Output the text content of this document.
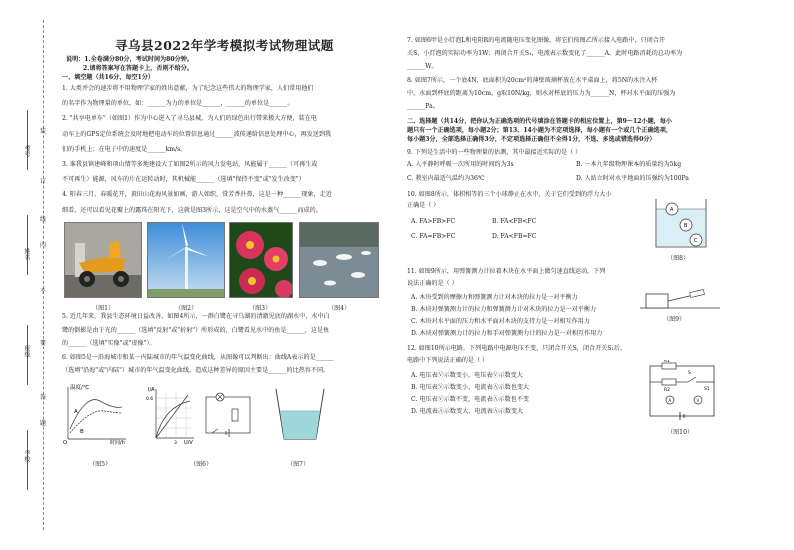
考号
姓名
班级
学校
装
订
线
内
不
要
答
题
寻乌县2022年学考模拟考试物理试题
说明：1.全卷满分80分，考试时间为80分钟。
2.请将答案写在答题卡上，否则不给分。
一、填空题（共16分，每空1分）
1. 大类并会的速步将不用物理学家的姓出意献，为了纪念这些伟大的物理学家，人们常用他们
的名字作为物理量的单位，如：______为力的单位是______，______的单位是______。
2. "共享电单车"（如图1）作为中心进入了寻乌县城，为人们的绿色出行带来极大方便，装在电
动车上的GPS定位系统会及时地把电动车的位置信息通过______波传递给信息处理中心，再发送到我
们的手机上；在电子中的速度是______km/s。
3. 谁我县镇建峰和项山情等多地建设大了如图2所示的风力发电站，风能属于______（可再生或
不可再生）能源，风车的片在运转动时，其机械能______（选填"保持不变"或"发生改变"）
4. 阳春三月，春暖花开，黄田山花海风景如画，游人如织，赏芳香扑鼻，这是一种______现象，走近
细看，还可以看见花瓣上的露珠在阳光下，这就是图3所示，这是空气中的水蒸气______而成的。
（图1）	（图2）	（图3）	（图4）
5. 近几年来，我县生态环境日益改善，如图4所示，一群白鹭在寻乌湖的清澈见底的湖水中，水中白
鹭的倒影是由于光的______（选填"反射"或"折射"）所形成的，白鹭看见水中的鱼是______，这是鱼
的______（选填"实像"或"虚像"）。
6. 如图5是一沿海城市和某一内陆城市的年气温变化曲线，从图像可以判断出：曲线A表示的是______
（选填"沿海"或"内陆"）城市的年气温变化曲线，造成这种差异的原因主要是______的比热容不同。
温度/℃
时间/h
A
B
O
I/A
U/V
0.6
3
（图5）	（图6）	（图7）
7. 如图6甲是小灯泡L和电阻R的电流随电压变化图像，将它们按图乙所示接入电路中，只闭合开
关S，小灯泡的实际功率为1W；再闭合开关S₁，电流表示数变化了______A，此时电路消耗的总功率为
______W。
8. 如图7所示，一个底4N，底面积为20cm²的薄壁玻璃杯放在水平桌面上，将5N的水注入杯
中，水面到杯底的距离为10cm，g取10N/kg，则水对杯底的压力为______N，杯对水平面的压强为
______Pa。
二、选择题（共14分，把你认为正确选项的代号填涂在答题卡的相应位置上，第9～12小题，每小
题只有一个正确选项，每小题2分；第13、14小题为不定项选择，每小题有一个或几个正确选项，
每小题3分，全部选择正确得3分，不定项选择正确但不全得1分，不选、多选或错选得0分）
9. 下列是生活中的一些物理量的估测，其中最接近实际的是（ ）
A. 人平静时呼吸一次所用的时间约为3s	B. 一本九年级物理课本的质量约为5kg
C. 教室内最适气温约为36℃	D. 人站立时对水平地面的压强约为100Pa
10. 如图8所示，体积相等的三个小球静止在水中，关于它们受到的浮力大小
正确是（ ）
A. FA>FB>FC	B. FA<FB<FC
C. FA=FB>FC	D. FA<FB=FC
A
B
C
（图8）
11. 如图9所示，用弹簧测力计拉着木块在水平面上做匀速直线运动，下列
说法正确的是（ ）
A. 木块受到的摩擦力和弹簧测力计对木块的拉力是一对平衡力
B. 木块对弹簧测力计的拉力和弹簧测力计对木块的拉力是一对平衡力
C. 木块对水平面的压力和水平面对木块的支持力是一对相互作用力
D. 木块对弹簧测力计的拉力和手对弹簧测力计的拉力是一对相互作用力
（图9）
12. 如图10所示电路，下列电路中电源电压不变，只闭合开关S，闭合开关S₁后，
电路中下列说法正确的是（ ）
A. 电压表Ⓥ示数变小，电压表Ⓥ示数变大
B. 电压表Ⓥ示数变小，电流表Ⓐ示数也变大
C. 电压表Ⓥ示数不变，电流表Ⓐ示数也不变
D. 电流表Ⓐ示数变大，电流表Ⓐ示数变大
R1
R2
S
S1
A	V
（图10）
